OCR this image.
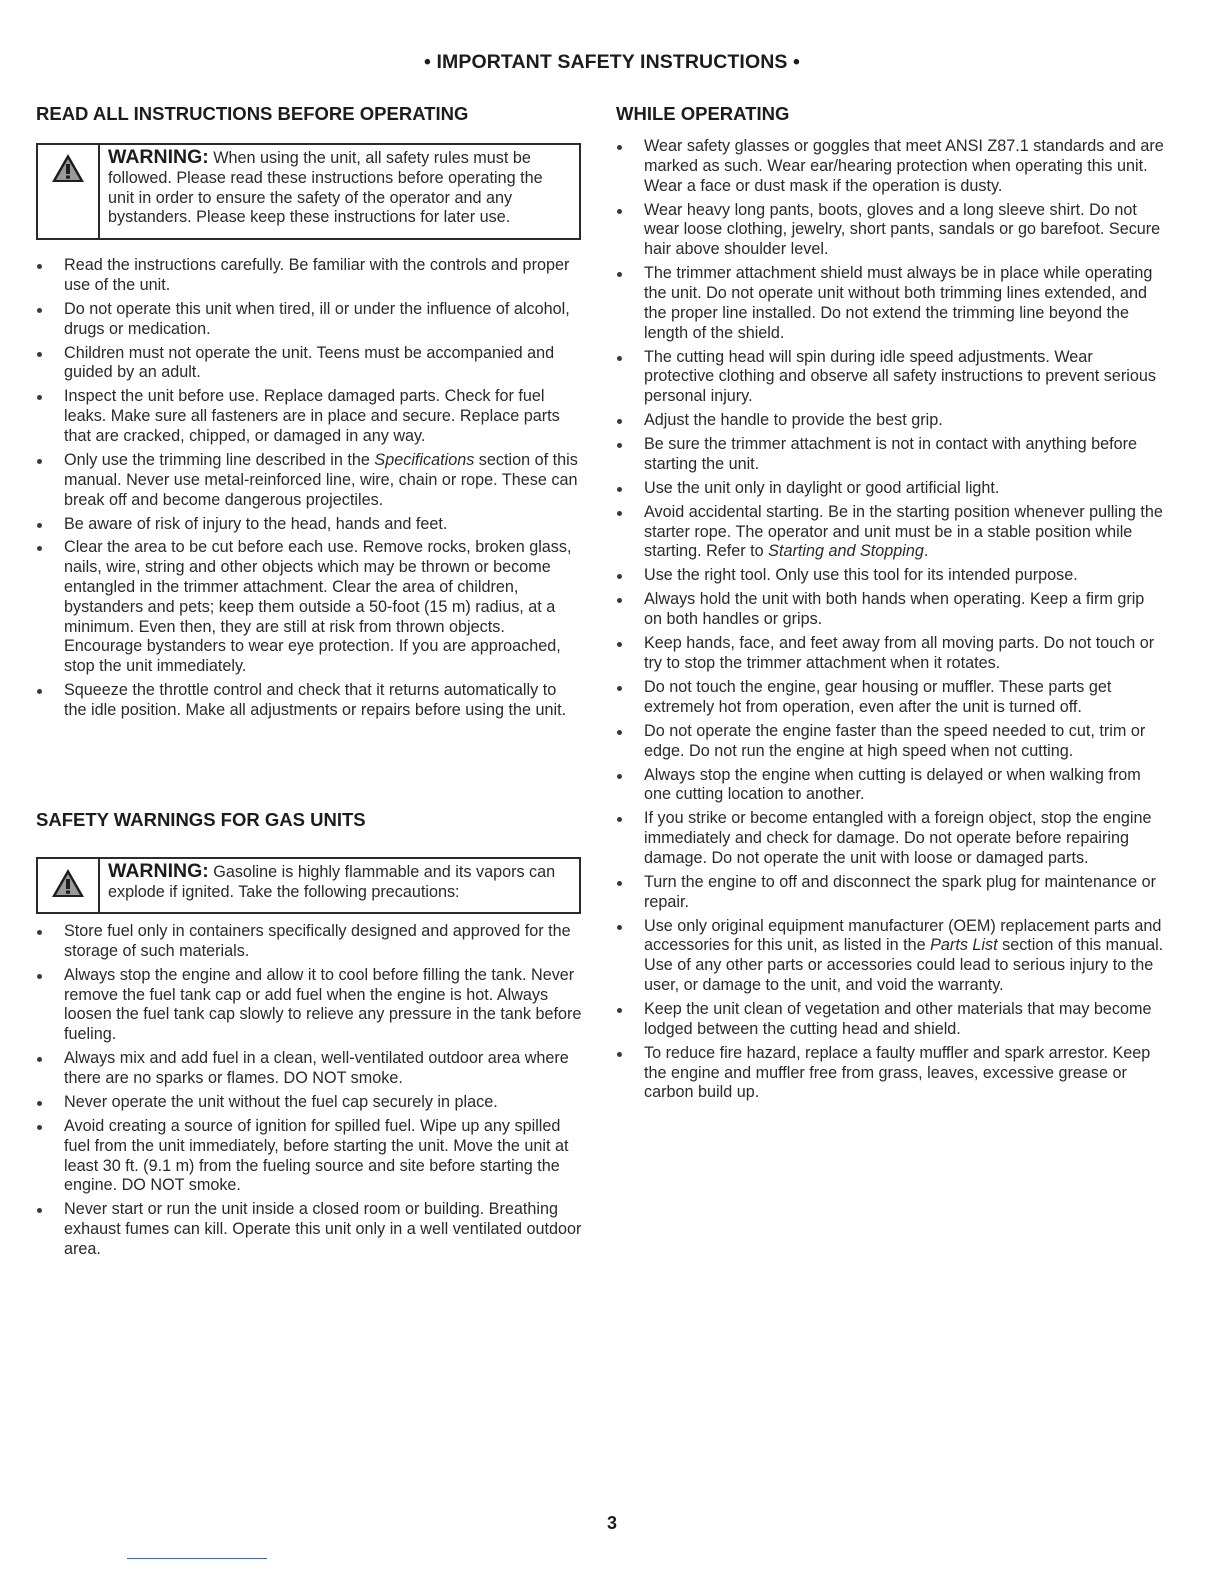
• IMPORTANT SAFETY INSTRUCTIONS •
READ ALL INSTRUCTIONS BEFORE OPERATING
WARNING: When using the unit, all safety rules must be followed. Please read these instructions before operating the unit in order to ensure the safety of the operator and any bystanders. Please keep these instructions for later use.
Read the instructions carefully. Be familiar with the controls and proper use of the unit.
Do not operate this unit when tired, ill or under the influence of alcohol, drugs or medication.
Children must not operate the unit. Teens must be accompanied and guided by an adult.
Inspect the unit before use. Replace damaged parts. Check for fuel leaks. Make sure all fasteners are in place and secure. Replace parts that are cracked, chipped, or damaged in any way.
Only use the trimming line described in the Specifications section of this manual. Never use metal-reinforced line, wire, chain or rope. These can break off and become dangerous projectiles.
Be aware of risk of injury to the head, hands and feet.
Clear the area to be cut before each use. Remove rocks, broken glass, nails, wire, string and other objects which may be thrown or become entangled in the trimmer attachment. Clear the area of children, bystanders and pets; keep them outside a 50-foot (15 m) radius, at a minimum. Even then, they are still at risk from thrown objects. Encourage bystanders to wear eye protection. If you are approached, stop the unit immediately.
Squeeze the throttle control and check that it returns automatically to the idle position. Make all adjustments or repairs before using the unit.
SAFETY WARNINGS FOR GAS UNITS
WARNING: Gasoline is highly flammable and its vapors can explode if ignited. Take the following precautions:
Store fuel only in containers specifically designed and approved for the storage of such materials.
Always stop the engine and allow it to cool before filling the tank. Never remove the fuel tank cap or add fuel when the engine is hot. Always loosen the fuel tank cap slowly to relieve any pressure in the tank before fueling.
Always mix and add fuel in a clean, well-ventilated outdoor area where there are no sparks or flames. DO NOT smoke.
Never operate the unit without the fuel cap securely in place.
Avoid creating a source of ignition for spilled fuel. Wipe up any spilled fuel from the unit immediately, before starting the unit. Move the unit at least 30 ft. (9.1 m) from the fueling source and site before starting the engine. DO NOT smoke.
Never start or run the unit inside a closed room or building. Breathing exhaust fumes can kill. Operate this unit only in a well ventilated outdoor area.
WHILE OPERATING
Wear safety glasses or goggles that meet ANSI Z87.1 standards and are marked as such. Wear ear/hearing protection when operating this unit. Wear a face or dust mask if the operation is dusty.
Wear heavy long pants, boots, gloves and a long sleeve shirt. Do not wear loose clothing, jewelry, short pants, sandals or go barefoot. Secure hair above shoulder level.
The trimmer attachment shield must always be in place while operating the unit. Do not operate unit without both trimming lines extended, and the proper line installed. Do not extend the trimming line beyond the length of the shield.
The cutting head will spin during idle speed adjustments. Wear protective clothing and observe all safety instructions to prevent serious personal injury.
Adjust the handle to provide the best grip.
Be sure the trimmer attachment is not in contact with anything before starting the unit.
Use the unit only in daylight or good artificial light.
Avoid accidental starting. Be in the starting position whenever pulling the starter rope. The operator and unit must be in a stable position while starting. Refer to Starting and Stopping.
Use the right tool. Only use this tool for its intended purpose.
Always hold the unit with both hands when operating. Keep a firm grip on both handles or grips.
Keep hands, face, and feet away from all moving parts. Do not touch or try to stop the trimmer attachment when it rotates.
Do not touch the engine, gear housing or muffler. These parts get extremely hot from operation, even after the unit is turned off.
Do not operate the engine faster than the speed needed to cut, trim or edge. Do not run the engine at high speed when not cutting.
Always stop the engine when cutting is delayed or when walking from one cutting location to another.
If you strike or become entangled with a foreign object, stop the engine immediately and check for damage. Do not operate before repairing damage. Do not operate the unit with loose or damaged parts.
Turn the engine to off and disconnect the spark plug for maintenance or repair.
Use only original equipment manufacturer (OEM) replacement parts and accessories for this unit, as listed in the Parts List section of this manual. Use of any other parts or accessories could lead to serious injury to the user, or damage to the unit, and void the warranty.
Keep the unit clean of vegetation and other materials that may become lodged between the cutting head and shield.
To reduce fire hazard, replace a faulty muffler and spark arrestor. Keep the engine and muffler free from grass, leaves, excessive grease or carbon build up.
3
